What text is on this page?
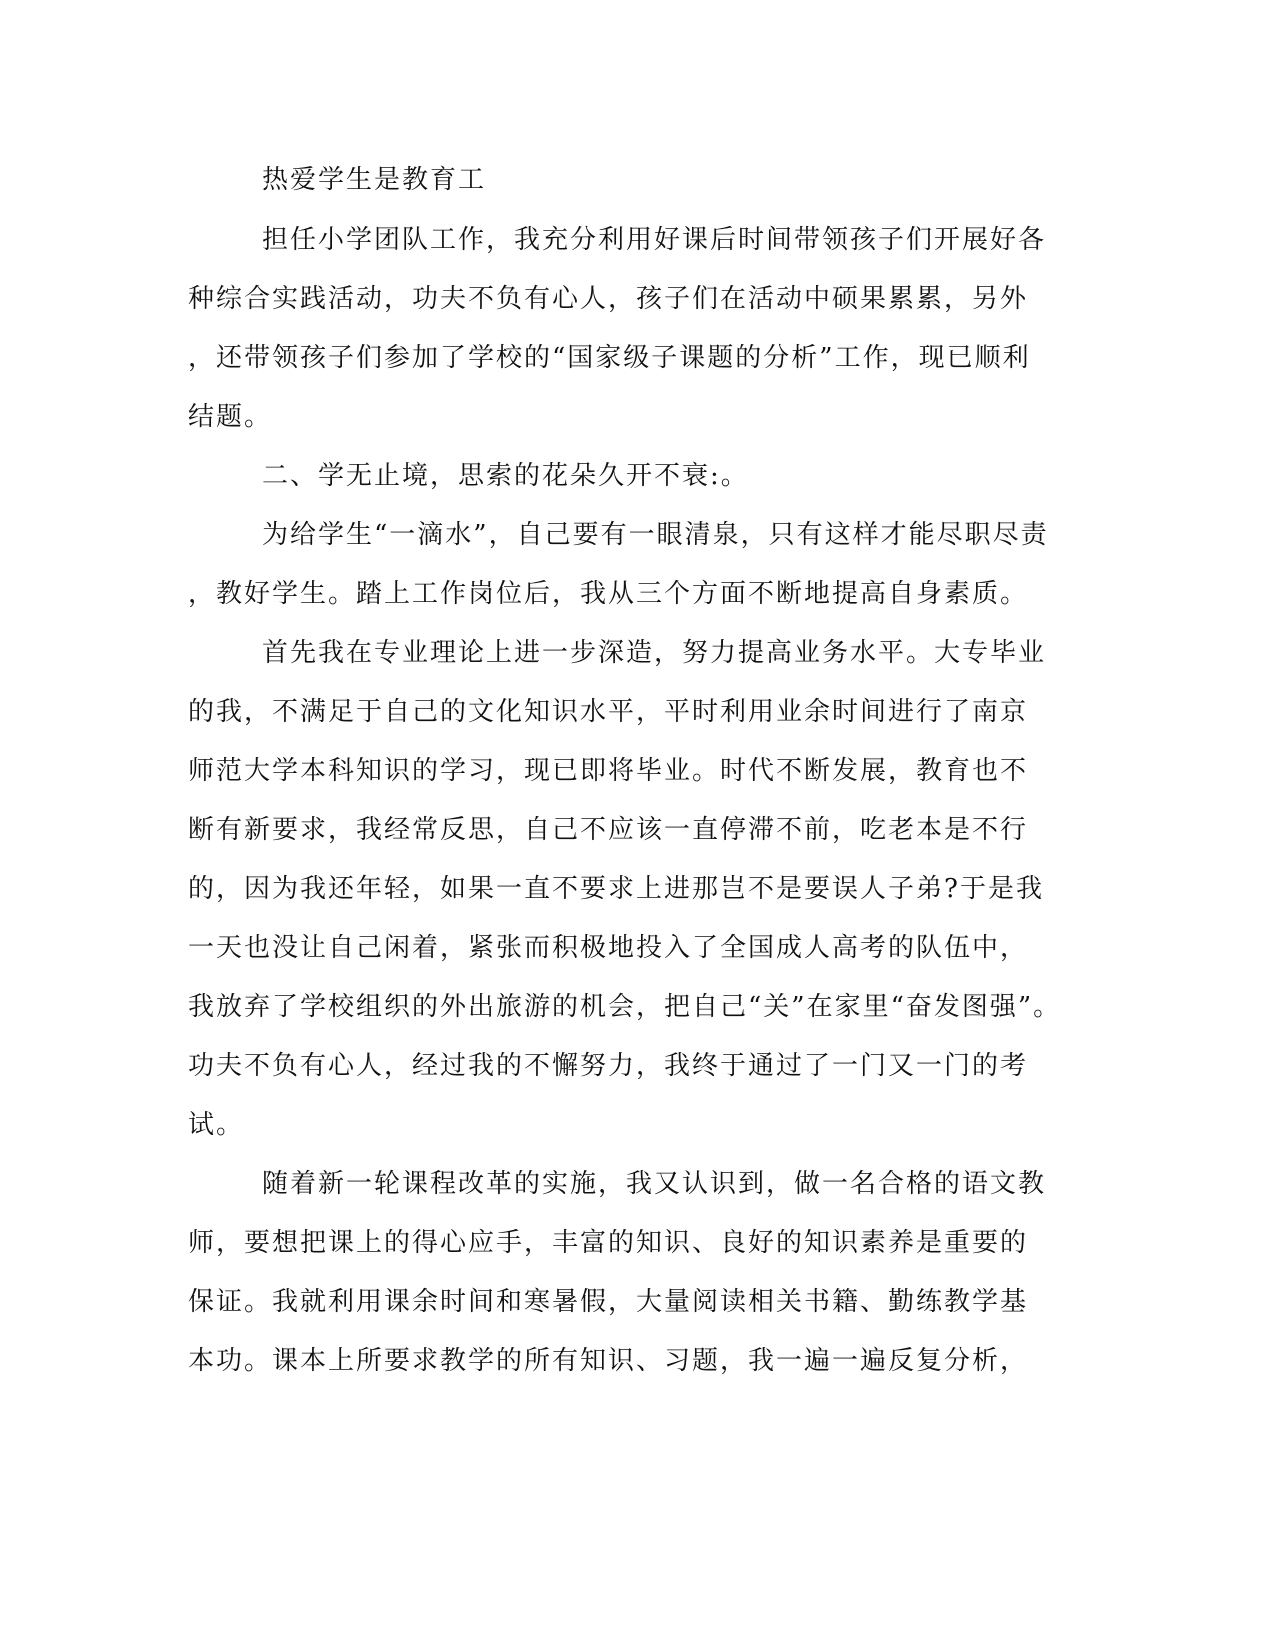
热爱学生是教育工
担任小学团队工作，我充分利用好课后时间带领孩子们开展好各
种综合实践活动，功夫不负有心人，孩子们在活动中硕果累累，另外
，还带领孩子们参加了学校的“国家级子课题的分析”工作，现已顺利
结题。
二、学无止境，思索的花朵久开不衰:。
为给学生“一滴水”，自己要有一眼清泉，只有这样才能尽职尽责
，教好学生。踏上工作岗位后，我从三个方面不断地提高自身素质。
首先我在专业理论上进一步深造，努力提高业务水平。大专毕业
的我，不满足于自己的文化知识水平，平时利用业余时间进行了南京
师范大学本科知识的学习，现已即将毕业。时代不断发展，教育也不
断有新要求，我经常反思，自己不应该一直停滞不前，吃老本是不行
的，因为我还年轻，如果一直不要求上进那岂不是要误人子弟?于是我
一天也没让自己闲着，紧张而积极地投入了全国成人高考的队伍中，
我放弃了学校组织的外出旅游的机会，把自己“关”在家里“奋发图强”。
功夫不负有心人，经过我的不懈努力，我终于通过了一门又一门的考
试。
随着新一轮课程改革的实施，我又认识到，做一名合格的语文教
师，要想把课上的得心应手，丰富的知识、良好的知识素养是重要的
保证。我就利用课余时间和寒暑假，大量阅读相关书籍、勤练教学基
本功。课本上所要求教学的所有知识、习题，我一遍一遍反复分析，
